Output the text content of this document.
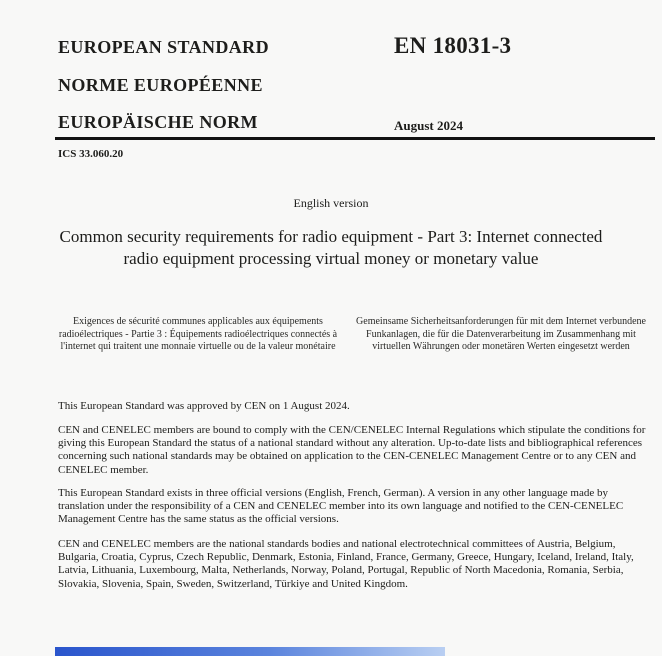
EUROPEAN STANDARD
NORME EUROPÉENNE
EUROPÄISCHE NORM
EN 18031-3
August 2024
ICS 33.060.20
English version
Common security requirements for radio equipment - Part 3: Internet connected radio equipment processing virtual money or monetary value
Exigences de sécurité communes applicables aux équipements radioélectriques - Partie 3 : Équipements radioélectriques connectés à l'internet qui traitent une monnaie virtuelle ou de la valeur monétaire
Gemeinsame Sicherheitsanforderungen für mit dem Internet verbundene Funkanlagen, die für die Datenverarbeitung im Zusammenhang mit virtuellen Währungen oder monetären Werten eingesetzt werden
This European Standard was approved by CEN on 1 August 2024.
CEN and CENELEC members are bound to comply with the CEN/CENELEC Internal Regulations which stipulate the conditions for giving this European Standard the status of a national standard without any alteration. Up-to-date lists and bibliographical references concerning such national standards may be obtained on application to the CEN-CENELEC Management Centre or to any CEN and CENELEC member.
This European Standard exists in three official versions (English, French, German). A version in any other language made by translation under the responsibility of a CEN and CENELEC member into its own language and notified to the CEN-CENELEC Management Centre has the same status as the official versions.
CEN and CENELEC members are the national standards bodies and national electrotechnical committees of Austria, Belgium, Bulgaria, Croatia, Cyprus, Czech Republic, Denmark, Estonia, Finland, France, Germany, Greece, Hungary, Iceland, Ireland, Italy, Latvia, Lithuania, Luxembourg, Malta, Netherlands, Norway, Poland, Portugal, Republic of North Macedonia, Romania, Serbia, Slovakia, Slovenia, Spain, Sweden, Switzerland, Türkiye and United Kingdom.
